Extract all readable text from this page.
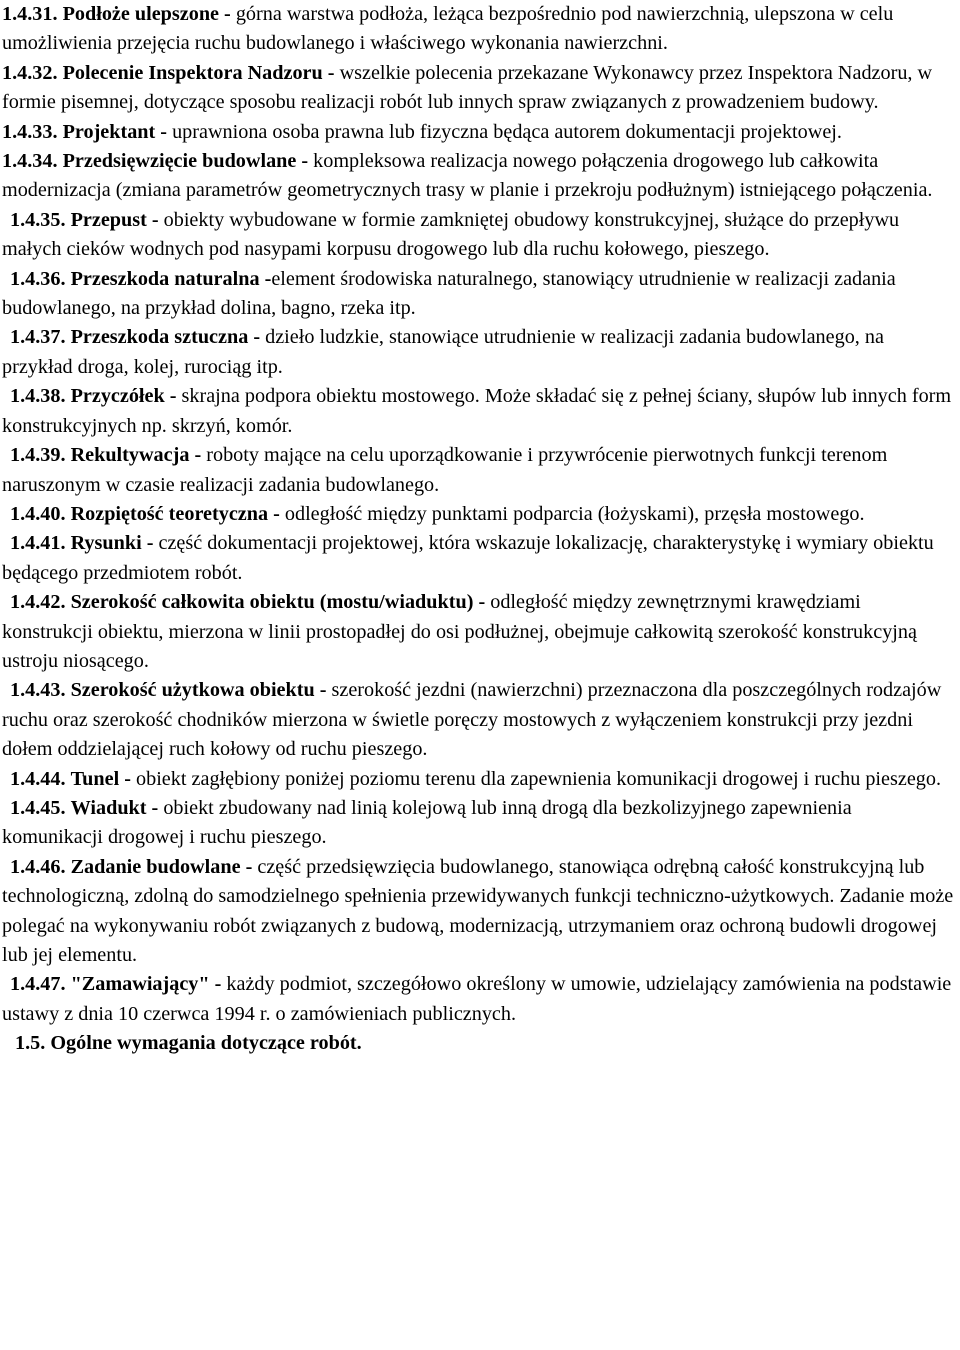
1.4.31. Podłoże ulepszone - górna warstwa podłoża, leżąca bezpośrednio pod nawierzchnią, ulepszona w celu umożliwienia przejęcia ruchu budowlanego i właściwego wykonania nawierzchni.

1.4.32. Polecenie Inspektora Nadzoru - wszelkie polecenia przekazane Wykonawcy przez Inspektora Nadzoru, w formie pisemnej, dotyczące sposobu realizacji robót lub innych spraw związanych z prowadzeniem budowy.

1.4.33. Projektant - uprawniona osoba prawna lub fizyczna będąca autorem dokumentacji projektowej.

1.4.34. Przedsięwzięcie budowlane - kompleksowa realizacja nowego połączenia drogowego lub całkowita modernizacja (zmiana parametrów geometrycznych trasy w planie i przekroju podłużnym) istniejącego połączenia.

1.4.35. Przepust - obiekty wybudowane w formie zamkniętej obudowy konstrukcyjnej, służące do przepływu małych cieków wodnych pod nasypami korpusu drogowego lub dla ruchu kołowego, pieszego.

1.4.36. Przeszkoda naturalna -element środowiska naturalnego, stanowiący utrudnienie w realizacji zadania budowlanego, na przykład dolina, bagno, rzeka itp.

1.4.37. Przeszkoda sztuczna - dzieło ludzkie, stanowiące utrudnienie w realizacji zadania budowlanego, na przykład droga, kolej, rurociąg itp.

1.4.38. Przyczółek - skrajna podpora obiektu mostowego. Może składać się z pełnej ściany, słupów lub innych form konstrukcyjnych np. skrzyń, komór.

1.4.39. Rekultywacja - roboty mające na celu uporządkowanie i przywrócenie pierwotnych funkcji terenom naruszonym w czasie realizacji zadania budowlanego.

1.4.40. Rozpiętość teoretyczna - odległość między punktami podparcia (łożyskami), przęsła mostowego.

1.4.41. Rysunki - część dokumentacji projektowej, która wskazuje lokalizację, charakterystykę i wymiary obiektu będącego przedmiotem robót.

1.4.42. Szerokość całkowita obiektu (mostu/wiaduktu) - odległość między zewnętrznymi krawędziami konstrukcji obiektu, mierzona w linii prostopadłej do osi podłużnej, obejmuje całkowitą szerokość konstrukcyjną ustroju niosącego.

1.4.43. Szerokość użytkowa obiektu - szerokość jezdni (nawierzchni) przeznaczona dla poszczególnych rodzajów ruchu oraz szerokość chodników mierzona w świetle poręczy mostowych z wyłączeniem konstrukcji przy jezdni dołem oddzielającej ruch kołowy od ruchu pieszego.

1.4.44. Tunel - obiekt zagłębiony poniżej poziomu terenu dla zapewnienia komunikacji drogowej i ruchu pieszego.

1.4.45. Wiadukt - obiekt zbudowany nad linią kolejową lub inną drogą dla bezkolizyjnego zapewnienia komunikacji drogowej i ruchu pieszego.

1.4.46. Zadanie budowlane - część przedsięwzięcia budowlanego, stanowiąca odrębną całość konstrukcyjną lub technologiczną, zdolną do samodzielnego spełnienia przewidywanych funkcji techniczno-użytkowych. Zadanie może polegać na wykonywaniu robót związanych z budową, modernizacją, utrzymaniem oraz ochroną budowli drogowej lub jej elementu.

1.4.47. "Zamawiający" - każdy podmiot, szczegółowo określony w umowie, udzielający zamówienia na podstawie ustawy z dnia 10 czerwca 1994 r. o zamówieniach publicznych.

1.5. Ogólne wymagania dotyczące robót.
